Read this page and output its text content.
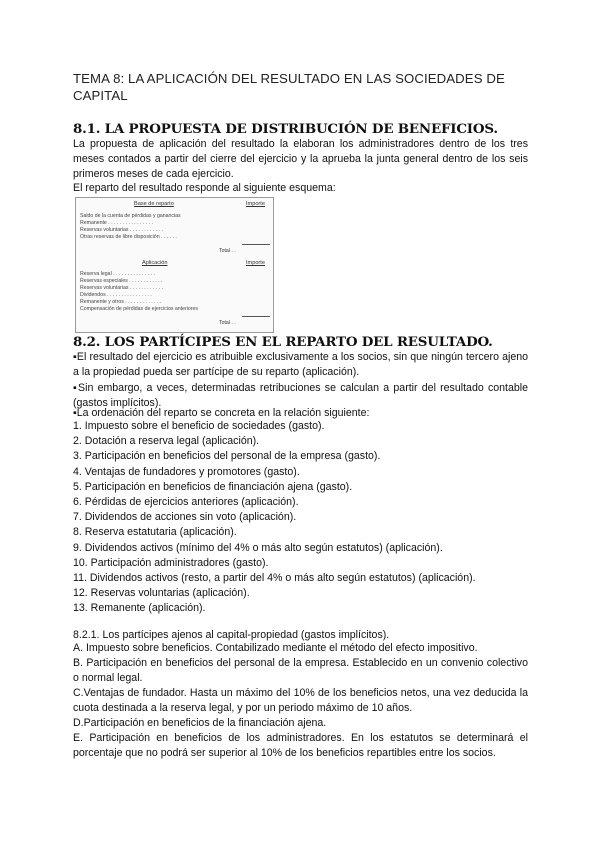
TEMA 8: LA APLICACIÓN DEL RESULTADO EN LAS SOCIEDADES DE CAPITAL
8.1. LA PROPUESTA DE DISTRIBUCIÓN DE BENEFICIOS.
La propuesta de aplicación del resultado la elaboran los administradores dentro de los tres meses contados a partir del cierre del ejercicio y la aprueba la junta general dentro de los seis primeros meses de cada ejercicio.
El reparto del resultado responde al siguiente esquema:
Base de reparto	Importe
Saldo de la cuenta de pérdidas y ganancias
Remanente . . . . . . . . . . . . . . . .
Reservas voluntarias . . . . . . . . . . . .
Otras reservas de libre disposición . . . . . .
Total . .
Aplicación	Importe
Reserva legal . . . . . . . . . . . . . . .
Reservas especiales . . . . . . . . . . . .
Reservas voluntarias . . . . . . . . . . . .
Dividendos . . . . . . . . . . . . . . . .
Remanente y otros . . . . . . . . . . . . .
Compensación de pérdidas de ejercicios anteriores
Total . .
8.2. LOS PARTÍCIPES EN EL REPARTO DEL RESULTADO.
▪El resultado del ejercicio es atribuible exclusivamente a los socios, sin que ningún tercero ajeno a la propiedad pueda ser partícipe de su reparto (aplicación).
▪Sin embargo, a veces, determinadas retribuciones se calculan a partir del resultado contable (gastos implícitos).
▪La ordenación del reparto se concreta en la relación siguiente:
1. Impuesto sobre el beneficio de sociedades (gasto).
2. Dotación a reserva legal (aplicación).
3. Participación en beneficios del personal de la empresa (gasto).
4. Ventajas de fundadores y promotores (gasto).
5. Participación en beneficios de financiación ajena (gasto).
6. Pérdidas de ejercicios anteriores (aplicación).
7. Dividendos de acciones sin voto (aplicación).
8. Reserva estatutaria (aplicación).
9. Dividendos activos (mínimo del 4% o más alto según estatutos) (aplicación).
10. Participación administradores (gasto).
11. Dividendos activos (resto, a partir del 4% o más alto según estatutos) (aplicación).
12. Reservas voluntarias (aplicación).
13. Remanente (aplicación).
8.2.1. Los partícipes ajenos al capital-propiedad (gastos implícitos).
A. Impuesto sobre beneficios. Contabilizado mediante el método del efecto impositivo.
B. Participación en beneficios del personal de la empresa. Establecido en un convenio colectivo o normal legal.
C.Ventajas de fundador. Hasta un máximo del 10% de los beneficios netos, una vez deducida la cuota destinada a la reserva legal, y por un periodo máximo de 10 años.
D.Participación en beneficios de la financiación ajena.
E. Participación en beneficios de los administradores. En los estatutos se determinará el porcentaje que no podrá ser superior al 10% de los beneficios repartibles entre los socios.
